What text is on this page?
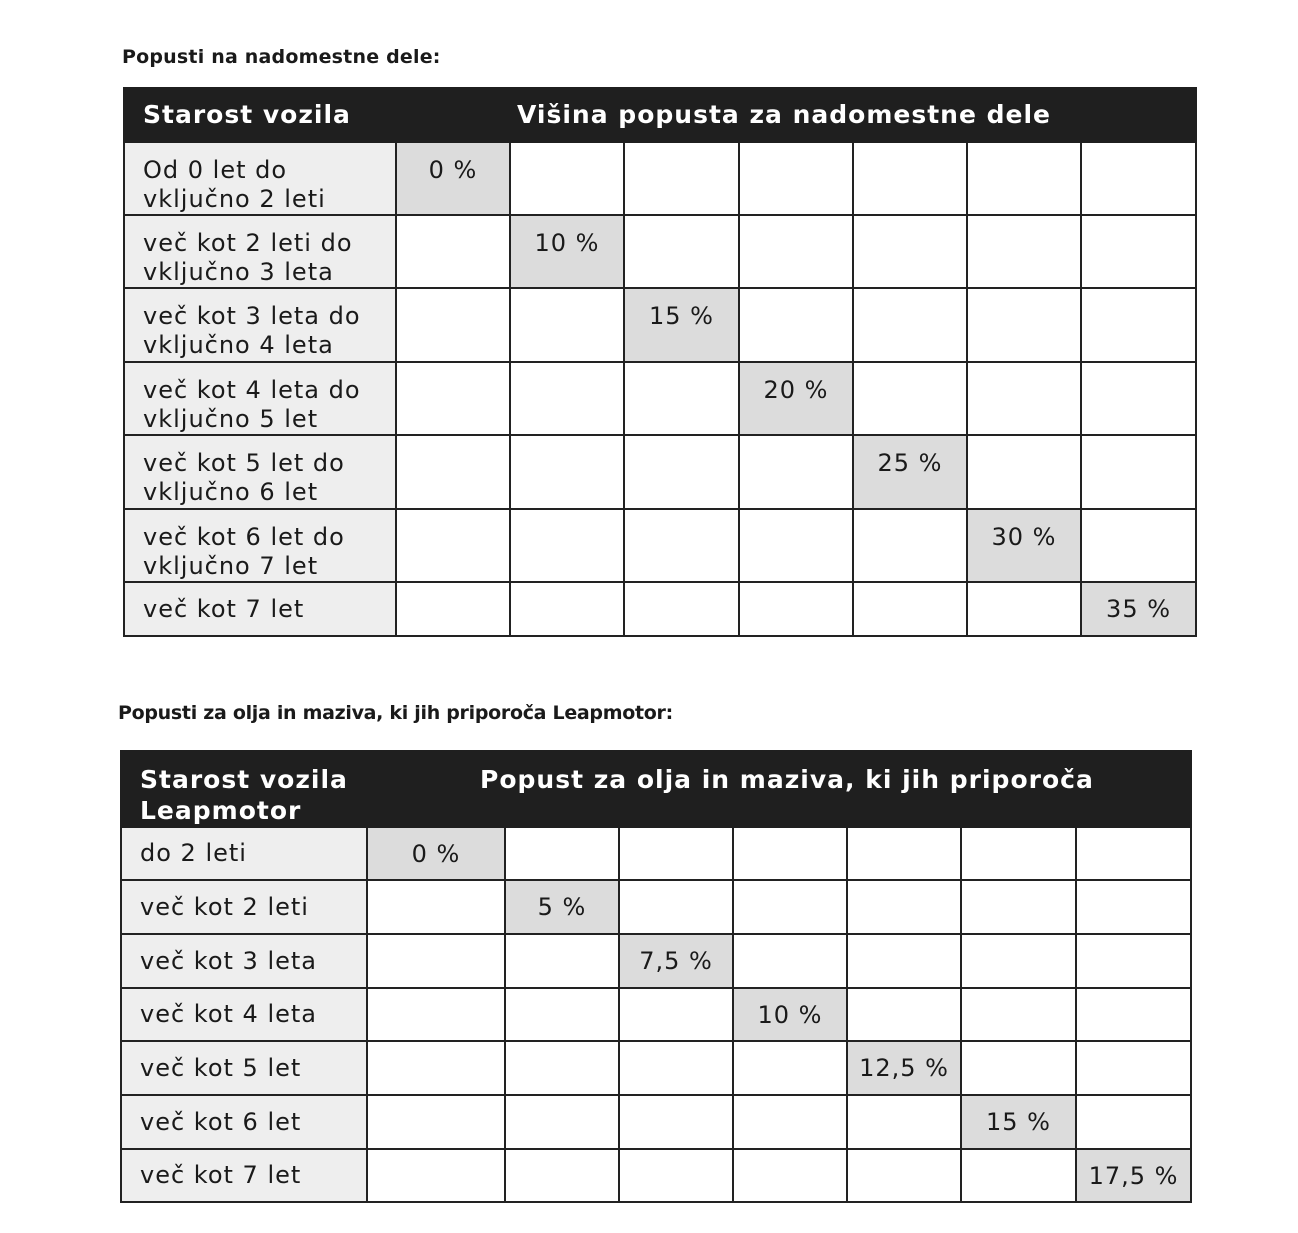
Popusti na nadomestne dele:
Starost vozila	Višina popusta za nadomestne dele						
Od 0 let do
vključno 2 leti	0 %						
več kot 2 leti do
vključno 3 leta		10 %					
več kot 3 leta do
vključno 4 leta			15 %				
več kot 4 leta do
vključno 5 let				20 %			
več kot 5 let do
vključno 6 let					25 %		
več kot 6 let do
vključno 7 let						30 %	
več kot 7 let							35 %
Popusti za olja in maziva, ki jih priporoča Leapmotor:
Starost vozila
Leapmotor	Popust za olja in maziva, ki jih priporoča						
do 2 leti	0 %						
več kot 2 leti		5 %					
več kot 3 leta			7,5 %				
več kot 4 leta				10 %			
več kot 5 let					12,5 %		
več kot 6 let						15 %	
več kot 7 let							17,5 %
